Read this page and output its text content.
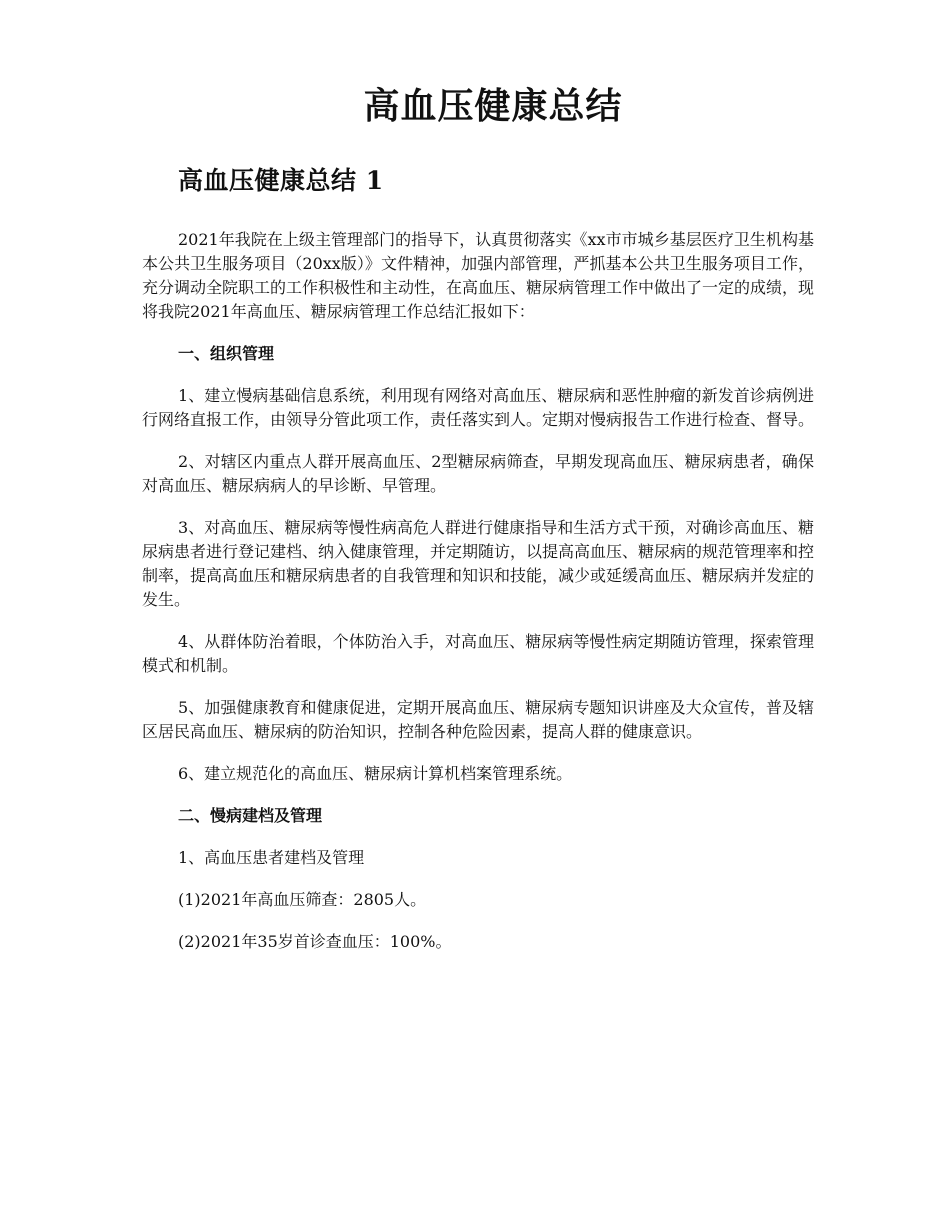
高血压健康总结
高血压健康总结 1

2021年我院在上级主管理部门的指导下，认真贯彻落实《xx市市城乡基层医疗卫生机构基本公共卫生服务项目（20xx版）》文件精神，加强内部管理，严抓基本公共卫生服务项目工作，充分调动全院职工的工作积极性和主动性，在高血压、糖尿病管理工作中做出了一定的成绩，现将我院2021年高血压、糖尿病管理工作总结汇报如下：

一、组织管理

1、建立慢病基础信息系统，利用现有网络对高血压、糖尿病和恶性肿瘤的新发首诊病例进行网络直报工作，由领导分管此项工作，责任落实到人。定期对慢病报告工作进行检查、督导。

2、对辖区内重点人群开展高血压、2型糖尿病筛查，早期发现高血压、糖尿病患者，确保对高血压、糖尿病病人的早诊断、早管理。

3、对高血压、糖尿病等慢性病高危人群进行健康指导和生活方式干预，对确诊高血压、糖尿病患者进行登记建档、纳入健康管理，并定期随访，以提高高血压、糖尿病的规范管理率和控制率，提高高血压和糖尿病患者的自我管理和知识和技能，减少或延缓高血压、糖尿病并发症的发生。

4、从群体防治着眼，个体防治入手，对高血压、糖尿病等慢性病定期随访管理，探索管理模式和机制。

5、加强健康教育和健康促进，定期开展高血压、糖尿病专题知识讲座及大众宣传，普及辖区居民高血压、糖尿病的防治知识，控制各种危险因素，提高人群的健康意识。

6、建立规范化的高血压、糖尿病计算机档案管理系统。

二、慢病建档及管理

1、高血压患者建档及管理

(1)2021年高血压筛查：2805人。

(2)2021年35岁首诊查血压：100%。
